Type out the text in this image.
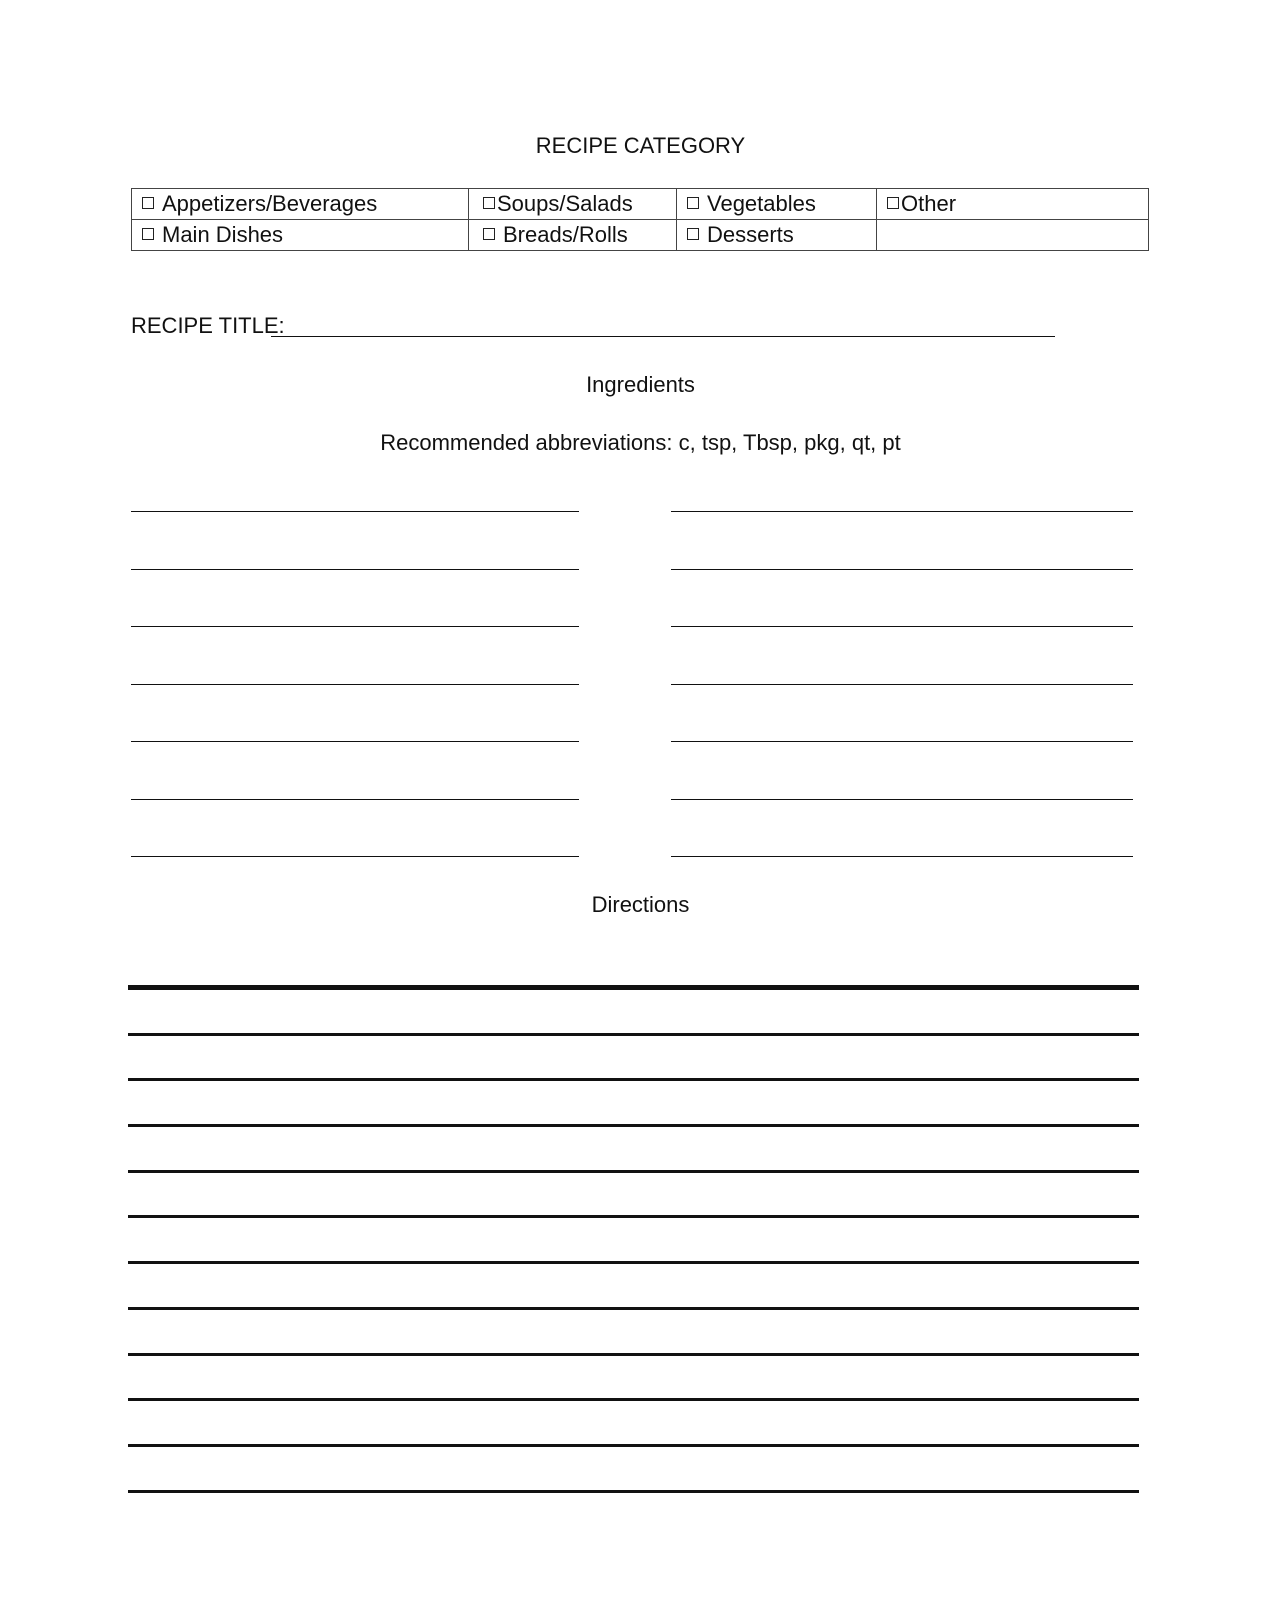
RECIPE CATEGORY
Appetizers/Beverages	Soups/Salads	Vegetables	Other
Main Dishes	Breads/Rolls	Desserts	
RECIPE TITLE:
Ingredients
Recommended abbreviations: c, tsp, Tbsp, pkg, qt, pt
Directions
